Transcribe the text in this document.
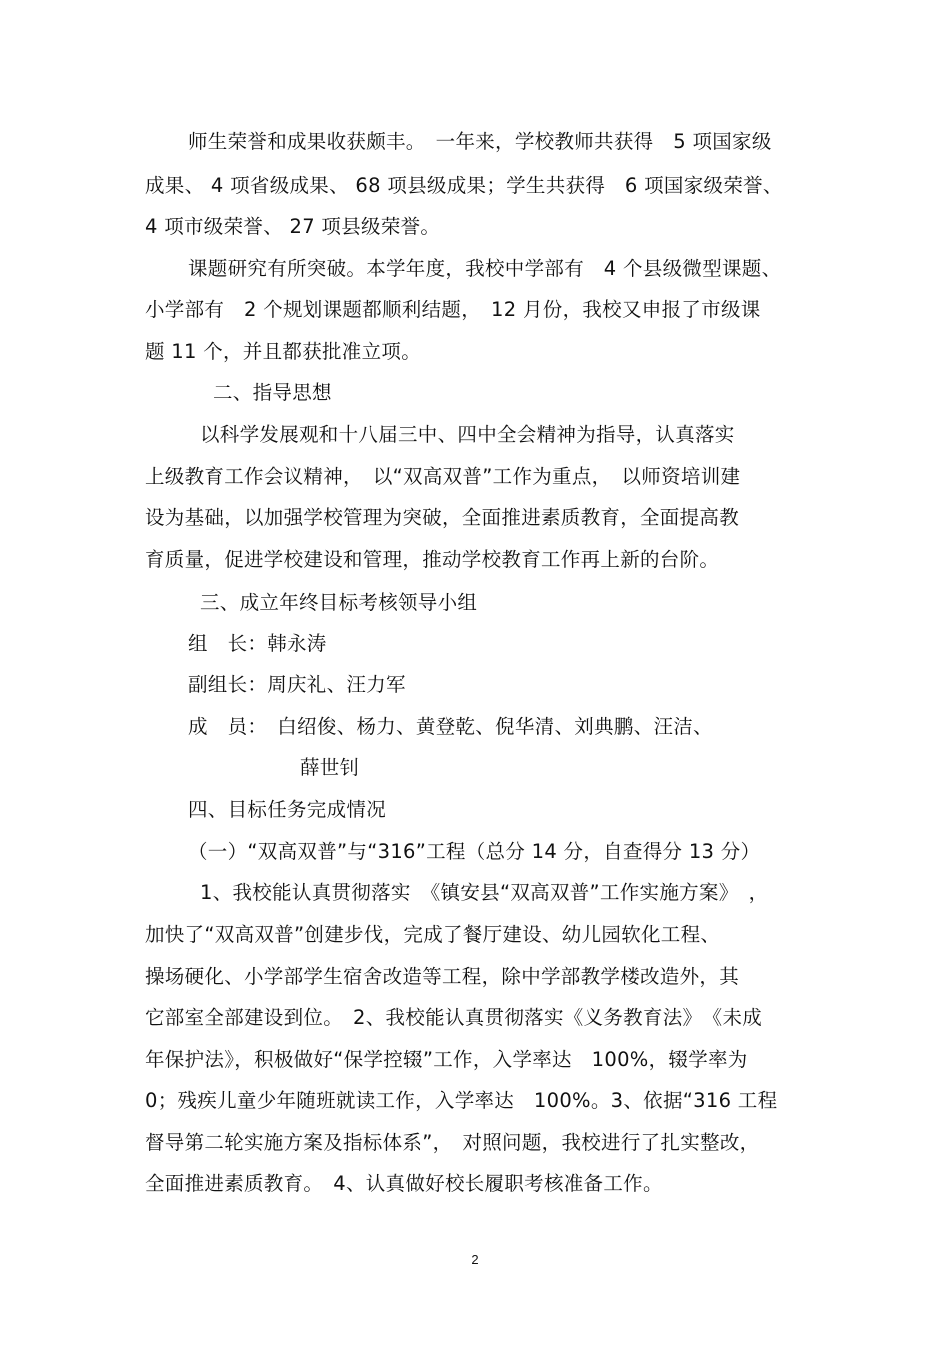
师生荣誉和成果收获颇丰。　一年来，学校教师共获得　5 项国家级
成果、 4 项省级成果、 68 项县级成果；学生共获得　6 项国家级荣誉、
4 项市级荣誉、 27 项县级荣誉。
课题研究有所突破。本学年度，我校中学部有　4 个县级微型课题、
小学部有　2 个规划课题都顺利结题，　12 月份，我校又申报了市级课
题 11 个，并且都获批准立项。
二、指导思想
以科学发展观和十八届三中、四中全会精神为指导，认真落实
上级教育工作会议精神，　以“双高双普”工作为重点，　以师资培训建
设为基础，以加强学校管理为突破，全面推进素质教育，全面提高教
育质量，促进学校建设和管理，推动学校教育工作再上新的台阶。
三、成立年终目标考核领导小组
组　长：韩永涛
副组长：周庆礼、汪力军
成　员：　白绍俊、杨力、黄登乾、倪华清、刘典鹏、汪洁、
薛世钊
四、目标任务完成情况
（一）“双高双普”与“316”工程（总分 14 分，自查得分 13 分）
1、我校能认真贯彻落实　《镇安县“双高双普”工作实施方案》　，
加快了“双高双普”创建步伐，完成了餐厅建设、幼儿园软化工程、
操场硬化、小学部学生宿舍改造等工程，除中学部教学楼改造外，其
它部室全部建设到位。　2、我校能认真贯彻落实《义务教育法》　《未成
年保护法》，积极做好“保学控辍”工作，入学率达　100%，辍学率为
0；残疾儿童少年随班就读工作，入学率达　100%。3、依据“316 工程
督导第二轮实施方案及指标体系”，　对照问题，我校进行了扎实整改，
全面推进素质教育。　4、认真做好校长履职考核准备工作。
2
